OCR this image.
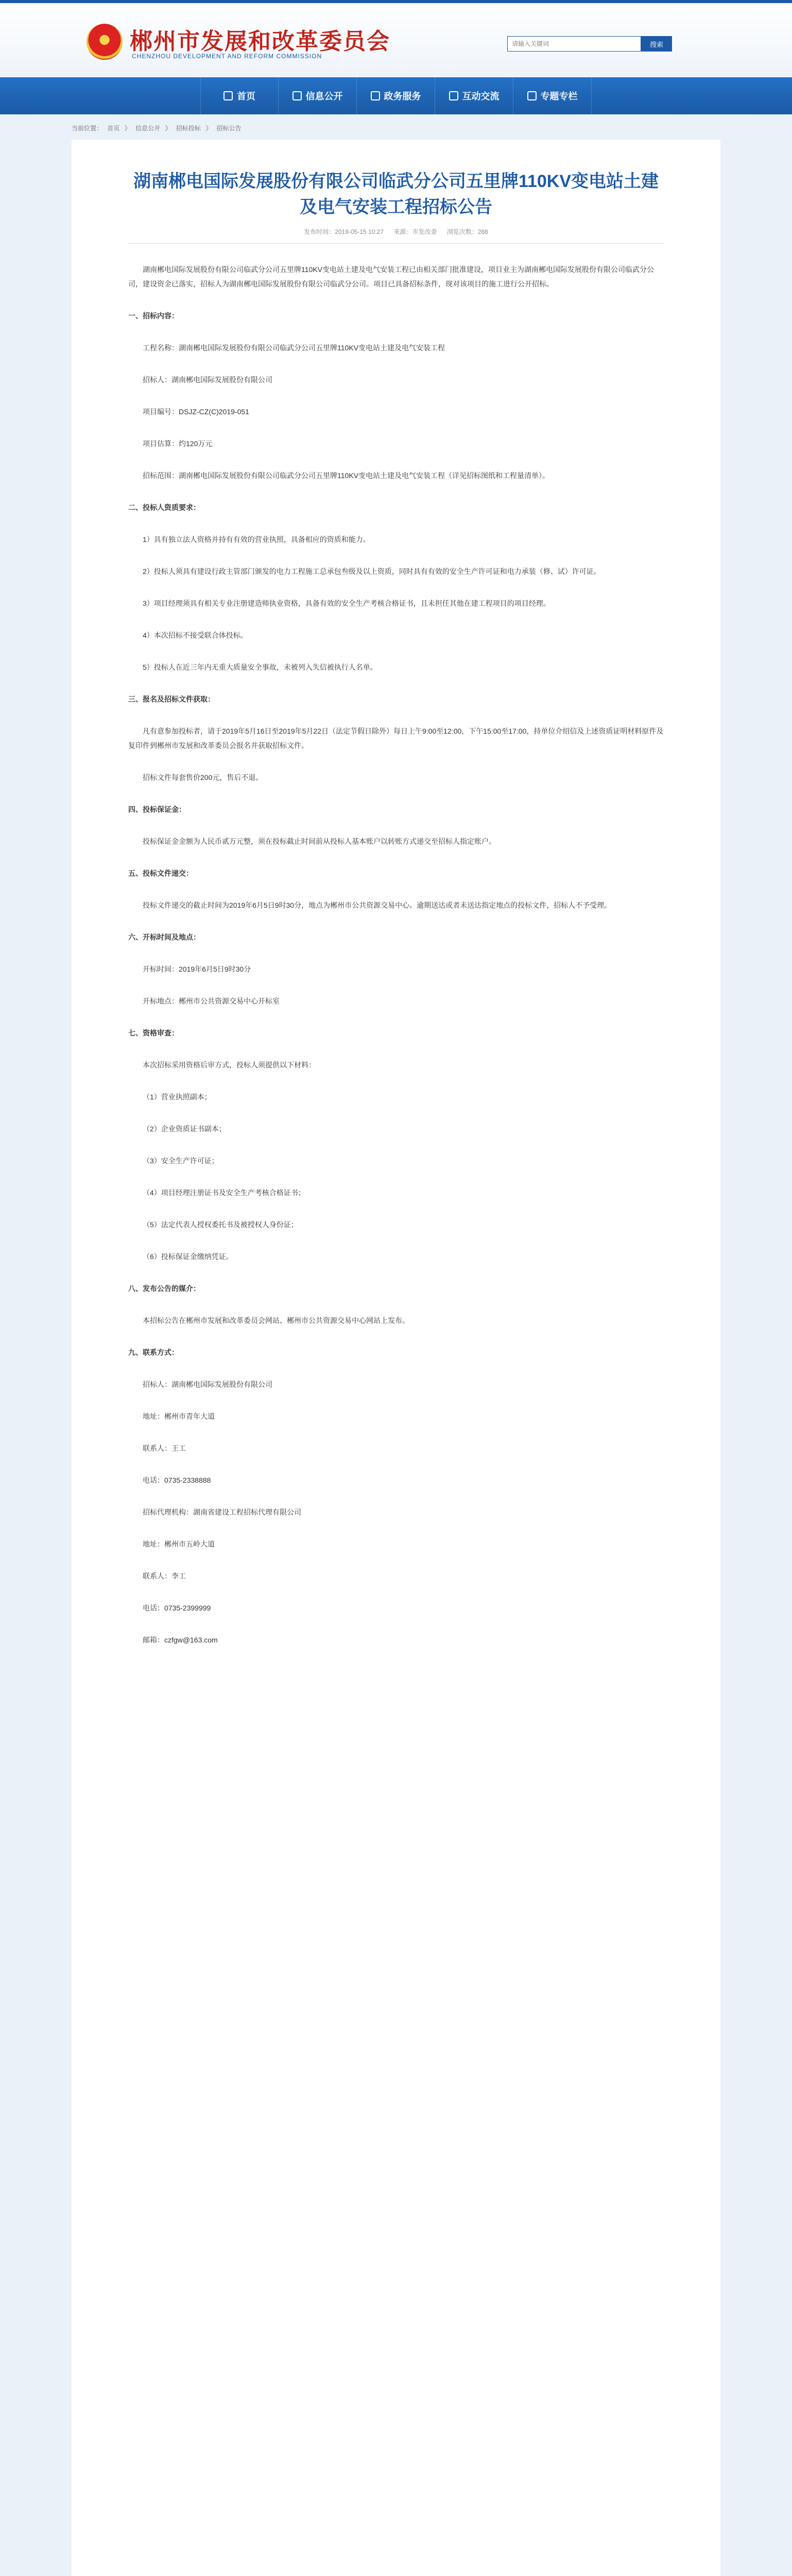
郴州市发展和改革委员会
CHENZHOU DEVELOPMENT AND REFORM COMMISSION
请输入关键词
搜索
首页	信息公开	政务服务	互动交流	专题专栏
当前位置： 首页 》 信息公开 》 招标投标 》 招标公告
湖南郴电国际发展股份有限公司临武分公司五里牌110KV变电站土建及电气安装工程招标公告
发布时间：2019-05-15 10:27 来源：市发改委 浏览次数：288
湖南郴电国际发展股份有限公司临武分公司五里牌110KV变电站土建及电气安装工程已由相关部门批准建设，项目业主为湖南郴电国际发展股份有限公司临武分公司，建设资金已落实，招标人为湖南郴电国际发展股份有限公司临武分公司。项目已具备招标条件，现对该项目的施工进行公开招标。
一、招标内容：
工程名称：湖南郴电国际发展股份有限公司临武分公司五里牌110KV变电站土建及电气安装工程
招标人：湖南郴电国际发展股份有限公司
项目编号：DSJZ-CZ(C)2019-051
项目估算：约120万元
招标范围：湖南郴电国际发展股份有限公司临武分公司五里牌110KV变电站土建及电气安装工程（详见招标图纸和工程量清单）。
二、投标人资质要求：
1）具有独立法人资格并持有有效的营业执照，具备相应的资质和能力。
2）投标人须具有建设行政主管部门颁发的电力工程施工总承包叁级及以上资质，同时具有有效的安全生产许可证和电力承装（修、试）许可证。
3）项目经理须具有相关专业注册建造师执业资格，具备有效的安全生产考核合格证书，且未担任其他在建工程项目的项目经理。
4）本次招标不接受联合体投标。
5）投标人在近三年内无重大质量安全事故，未被列入失信被执行人名单。
三、报名及招标文件获取：
凡有意参加投标者，请于2019年5月16日至2019年5月22日（法定节假日除外）每日上午9:00至12:00，下午15:00至17:00，持单位介绍信及上述资质证明材料原件及复印件到郴州市发展和改革委员会报名并获取招标文件。
招标文件每套售价200元，售后不退。
四、投标保证金：
投标保证金金额为人民币贰万元整，须在投标截止时间前从投标人基本账户以转账方式递交至招标人指定账户。
五、投标文件递交：
投标文件递交的截止时间为2019年6月5日9时30分，地点为郴州市公共资源交易中心。逾期送达或者未送达指定地点的投标文件，招标人不予受理。
六、开标时间及地点：
开标时间：2019年6月5日9时30分
开标地点：郴州市公共资源交易中心开标室
七、资格审查：
本次招标采用资格后审方式，投标人须提供以下材料：
（1）营业执照副本；
（2）企业资质证书副本；
（3）安全生产许可证；
（4）项目经理注册证书及安全生产考核合格证书；
（5）法定代表人授权委托书及被授权人身份证；
（6）投标保证金缴纳凭证。
八、发布公告的媒介：
本招标公告在郴州市发展和改革委员会网站、郴州市公共资源交易中心网站上发布。
九、联系方式：
招标人：湖南郴电国际发展股份有限公司
地址：郴州市青年大道
联系人：王工
电话：0735-2338888
招标代理机构：湖南省建设工程招标代理有限公司
地址：郴州市五岭大道
联系人：李工
电话：0735-2399999
邮箱：czfgw@163.com
